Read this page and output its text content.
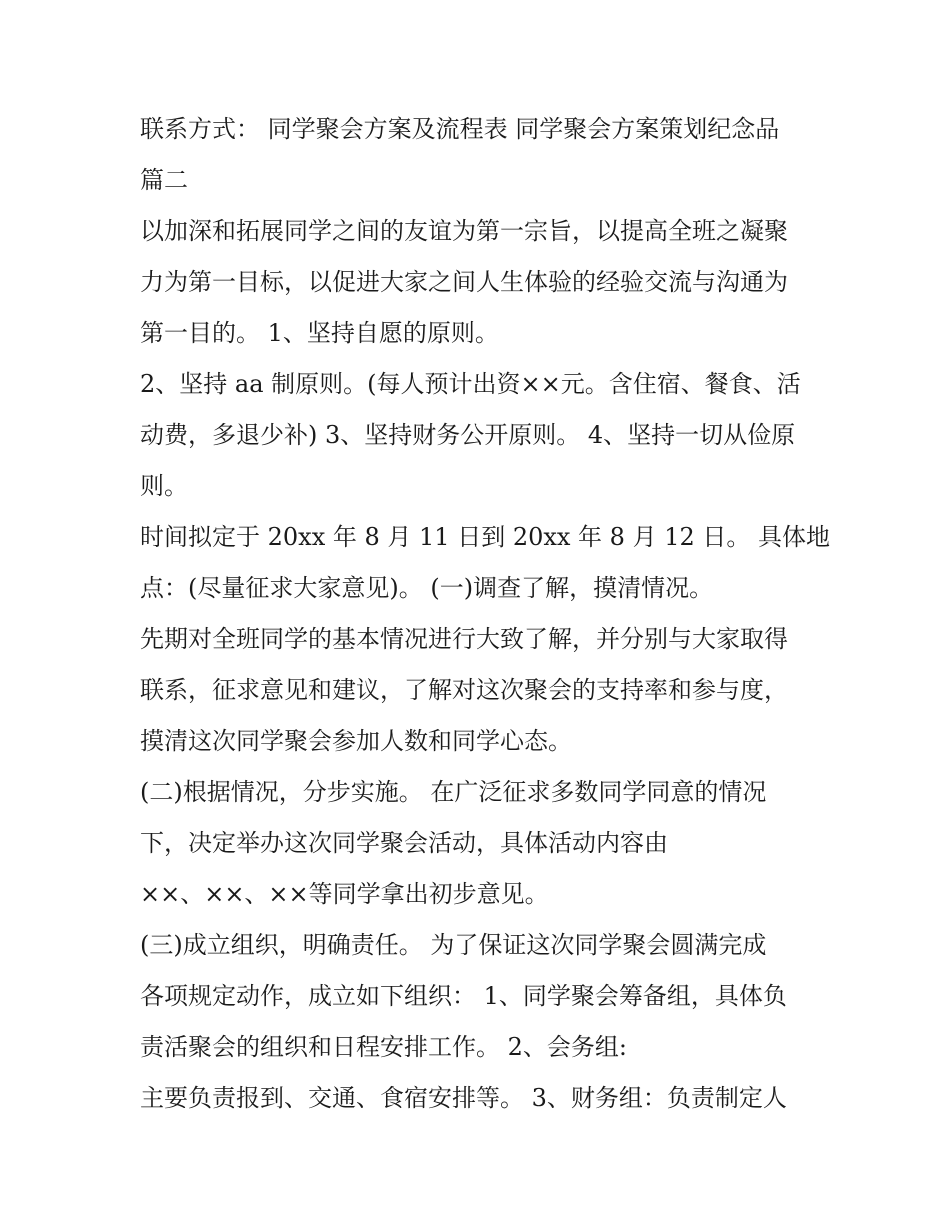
联系方式： 同学聚会方案及流程表 同学聚会方案策划纪念品
篇二
以加深和拓展同学之间的友谊为第一宗旨，以提高全班之凝聚
力为第一目标，以促进大家之间人生体验的经验交流与沟通为
第一目的。 1、坚持自愿的原则。
2、坚持 aa 制原则。(每人预计出资××元。含住宿、餐食、活
动费，多退少补) 3、坚持财务公开原则。 4、坚持一切从俭原
则。
时间拟定于 20xx 年 8 月 11 日到 20xx 年 8 月 12 日。 具体地
点：(尽量征求大家意见)。 (一)调查了解，摸清情况。
先期对全班同学的基本情况进行大致了解，并分别与大家取得
联系，征求意见和建议，了解对这次聚会的支持率和参与度，
摸清这次同学聚会参加人数和同学心态。
(二)根据情况，分步实施。 在广泛征求多数同学同意的情况
下，决定举办这次同学聚会活动，具体活动内容由
××、××、××等同学拿出初步意见。
(三)成立组织，明确责任。 为了保证这次同学聚会圆满完成
各项规定动作，成立如下组织： 1、同学聚会筹备组，具体负
责活聚会的组织和日程安排工作。 2、会务组:
主要负责报到、交通、食宿安排等。 3、财务组：负责制定人
